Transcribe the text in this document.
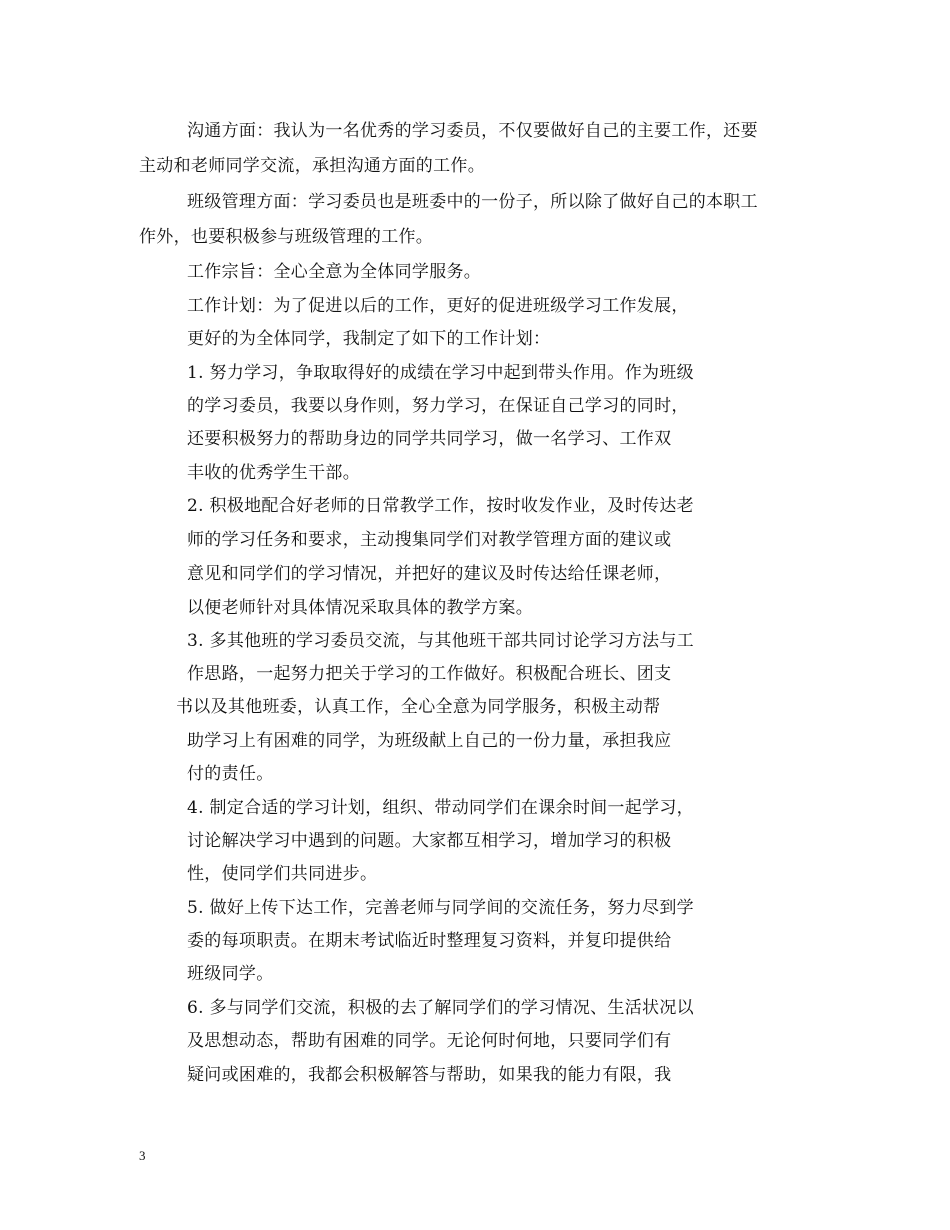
沟通方面：我认为一名优秀的学习委员，不仅要做好自己的主要工作，还要
主动和老师同学交流，承担沟通方面的工作。
班级管理方面：学习委员也是班委中的一份子，所以除了做好自己的本职工
作外，也要积极参与班级管理的工作。
工作宗旨：全心全意为全体同学服务。
工作计划：为了促进以后的工作，更好的促进班级学习工作发展，
更好的为全体同学，我制定了如下的工作计划：
1. 努力学习，争取取得好的成绩在学习中起到带头作用。作为班级
的学习委员，我要以身作则，努力学习，在保证自己学习的同时，
还要积极努力的帮助身边的同学共同学习，做一名学习、工作双
丰收的优秀学生干部。
2. 积极地配合好老师的日常教学工作，按时收发作业，及时传达老
师的学习任务和要求，主动搜集同学们对教学管理方面的建议或
意见和同学们的学习情况，并把好的建议及时传达给任课老师，
以便老师针对具体情况采取具体的教学方案。
3. 多其他班的学习委员交流，与其他班干部共同讨论学习方法与工
作思路，一起努力把关于学习的工作做好。积极配合班长、团支
书以及其他班委，认真工作，全心全意为同学服务，积极主动帮
助学习上有困难的同学，为班级献上自己的一份力量，承担我应
付的责任。
4. 制定合适的学习计划，组织、带动同学们在课余时间一起学习，
讨论解决学习中遇到的问题。大家都互相学习，增加学习的积极
性，使同学们共同进步。
5. 做好上传下达工作，完善老师与同学间的交流任务，努力尽到学
委的每项职责。在期末考试临近时整理复习资料，并复印提供给
班级同学。
6. 多与同学们交流，积极的去了解同学们的学习情况、生活状况以
及思想动态，帮助有困难的同学。无论何时何地，只要同学们有
疑问或困难的，我都会积极解答与帮助，如果我的能力有限，我
3
